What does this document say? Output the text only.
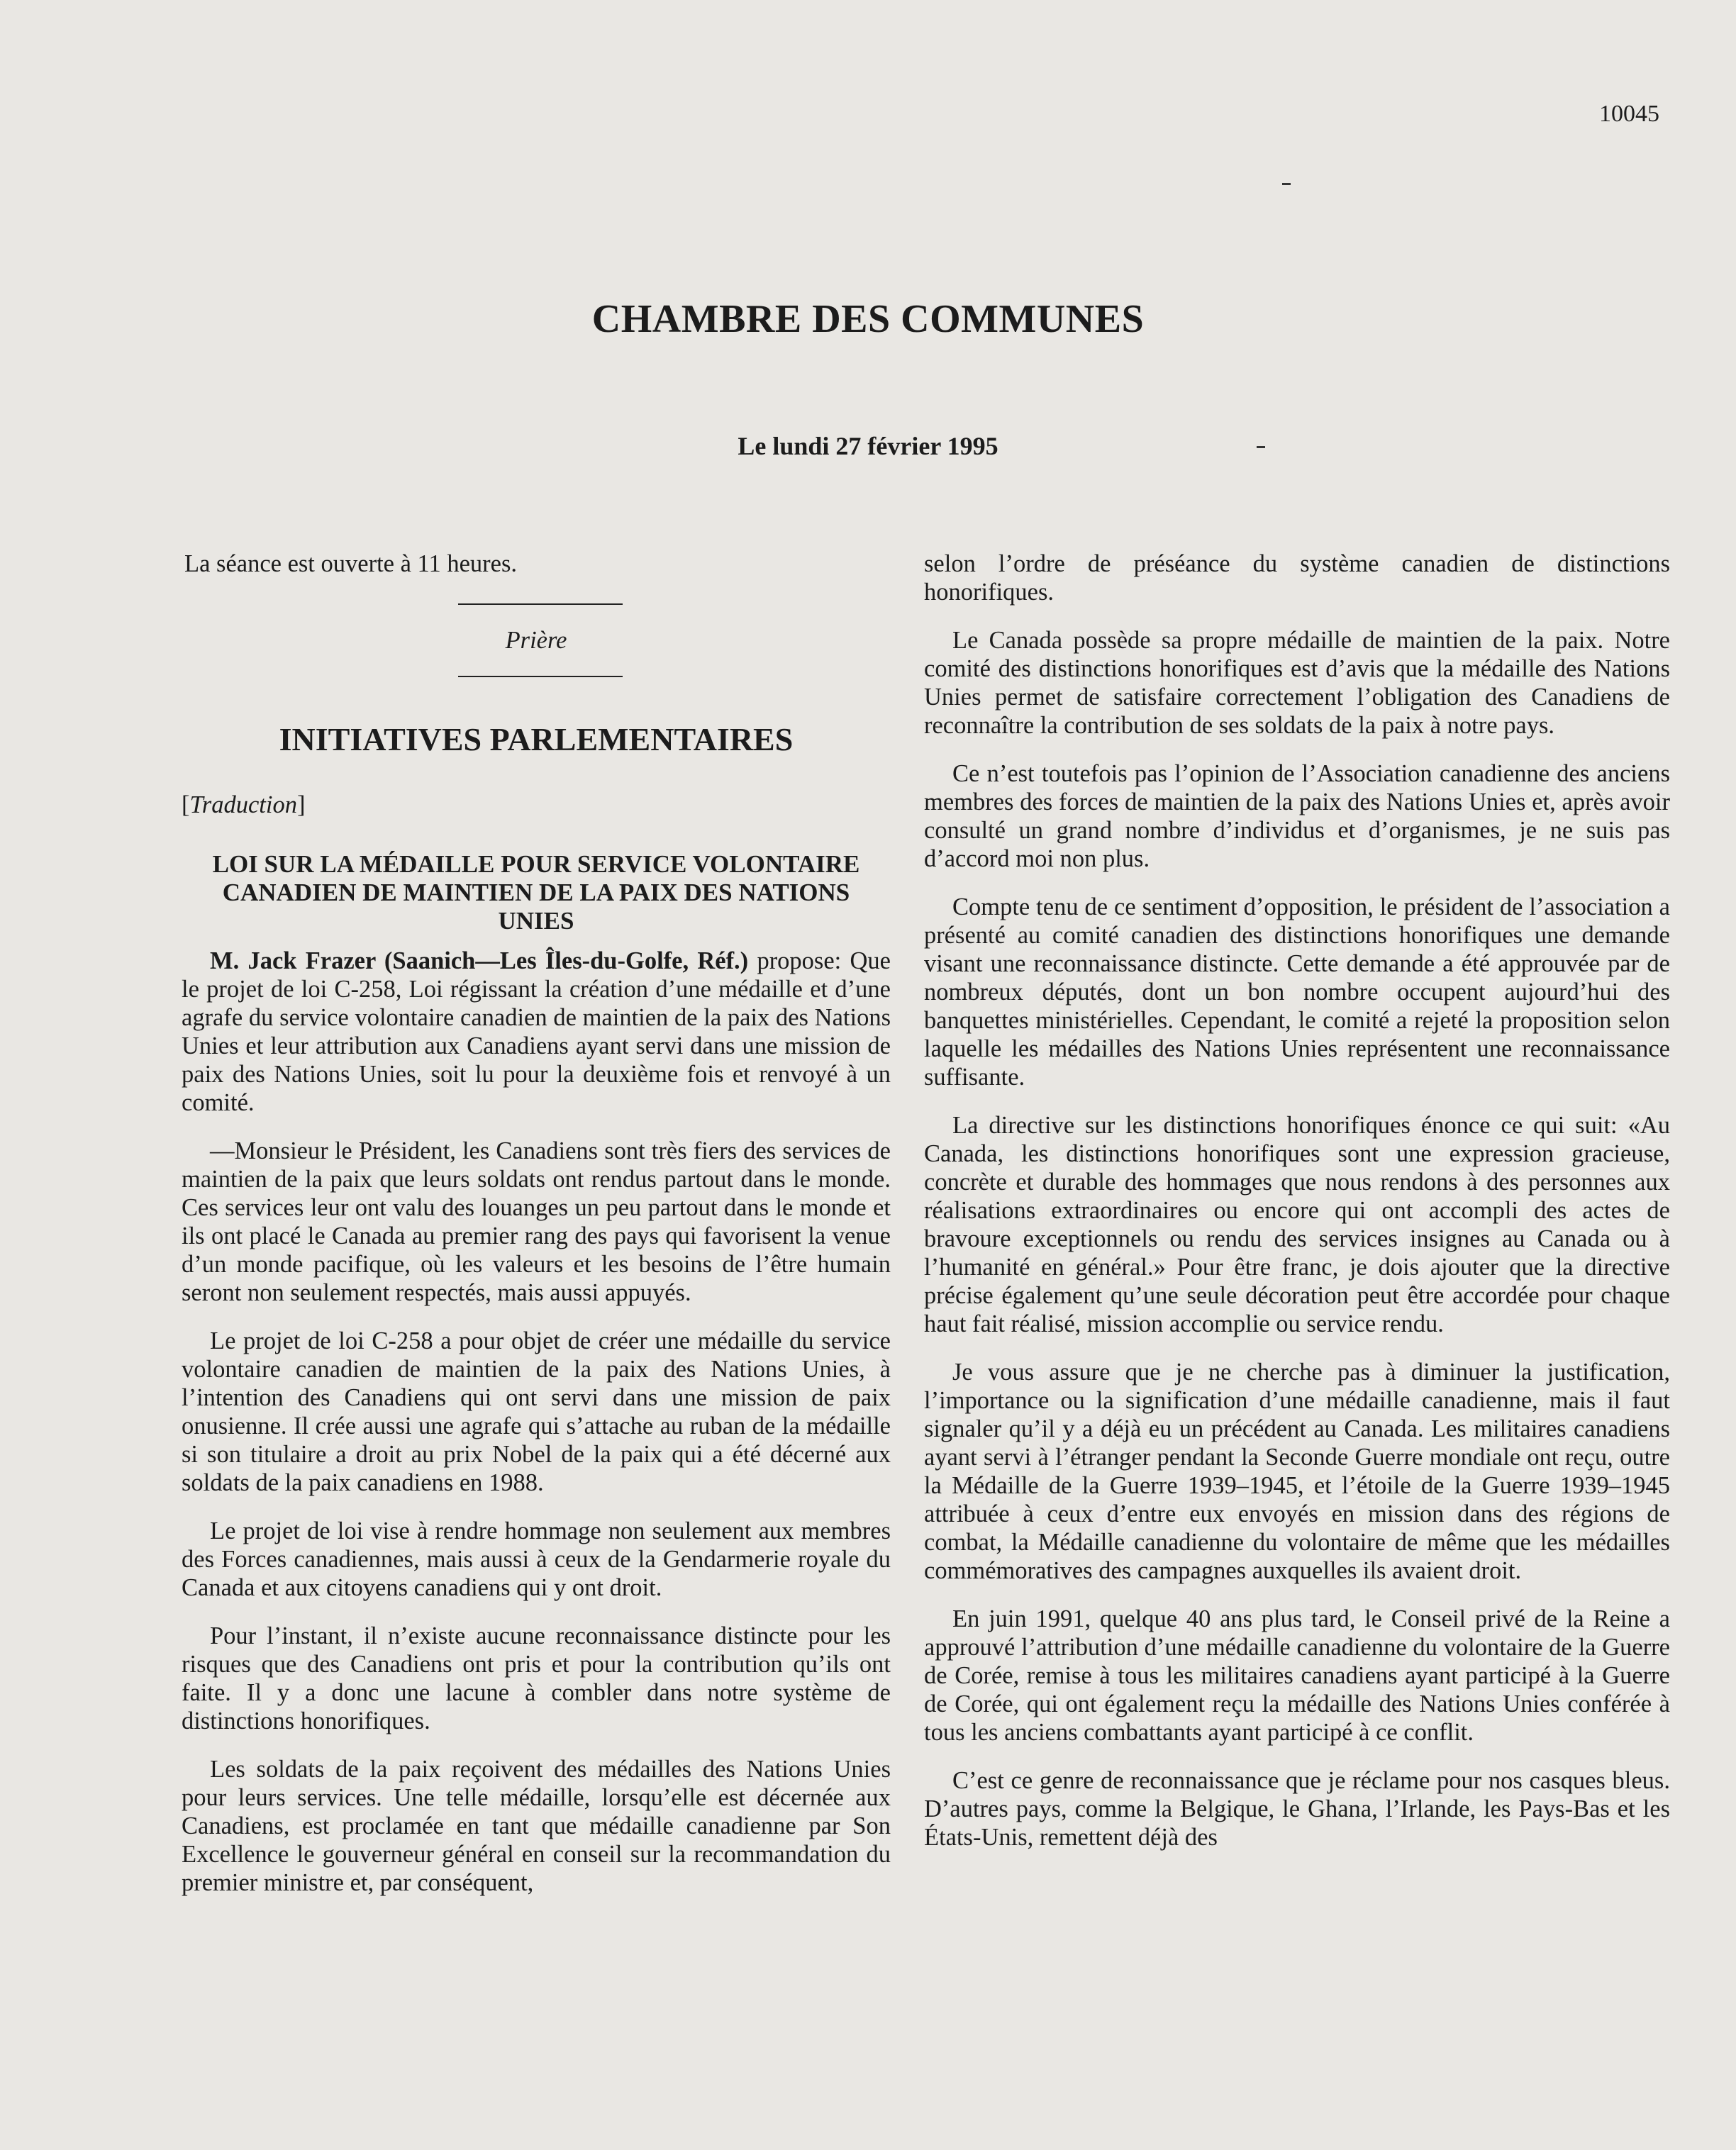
10045
CHAMBRE DES COMMUNES
Le lundi 27 février 1995

La séance est ouverte à 11 heures.

Prière
INITIATIVES PARLEMENTAIRES
[Traduction]
LOI SUR LA MÉDAILLE POUR SERVICE VOLONTAIRE CANADIEN DE MAINTIEN DE LA PAIX DES NATIONS UNIES

M. Jack Frazer (Saanich—Les Îles-du-Golfe, Réf.) propose: Que le projet de loi C-258, Loi régissant la création d’une médaille et d’une agrafe du service volontaire canadien de maintien de la paix des Nations Unies et leur attribution aux Canadiens ayant servi dans une mission de paix des Nations Unies, soit lu pour la deuxième fois et renvoyé à un comité.

—Monsieur le Président, les Canadiens sont très fiers des services de maintien de la paix que leurs soldats ont rendus partout dans le monde. Ces services leur ont valu des louanges un peu partout dans le monde et ils ont placé le Canada au premier rang des pays qui favorisent la venue d’un monde pacifique, où les valeurs et les besoins de l’être humain seront non seulement respectés, mais aussi appuyés.

Le projet de loi C-258 a pour objet de créer une médaille du service volontaire canadien de maintien de la paix des Nations Unies, à l’intention des Canadiens qui ont servi dans une mission de paix onusienne. Il crée aussi une agrafe qui s’attache au ruban de la médaille si son titulaire a droit au prix Nobel de la paix qui a été décerné aux soldats de la paix canadiens en 1988.

Le projet de loi vise à rendre hommage non seulement aux membres des Forces canadiennes, mais aussi à ceux de la Gendarmerie royale du Canada et aux citoyens canadiens qui y ont droit.

Pour l’instant, il n’existe aucune reconnaissance distincte pour les risques que des Canadiens ont pris et pour la contribution qu’ils ont faite. Il y a donc une lacune à combler dans notre système de distinctions honorifiques.

Les soldats de la paix reçoivent des médailles des Nations Unies pour leurs services. Une telle médaille, lorsqu’elle est décernée aux Canadiens, est proclamée en tant que médaille canadienne par Son Excellence le gouverneur général en conseil sur la recommandation du premier ministre et, par conséquent,

selon l’ordre de préséance du système canadien de distinctions honorifiques.

Le Canada possède sa propre médaille de maintien de la paix. Notre comité des distinctions honorifiques est d’avis que la médaille des Nations Unies permet de satisfaire correctement l’obligation des Canadiens de reconnaître la contribution de ses soldats de la paix à notre pays.

Ce n’est toutefois pas l’opinion de l’Association canadienne des anciens membres des forces de maintien de la paix des Nations Unies et, après avoir consulté un grand nombre d’individus et d’organismes, je ne suis pas d’accord moi non plus.

Compte tenu de ce sentiment d’opposition, le président de l’association a présenté au comité canadien des distinctions honorifiques une demande visant une reconnaissance distincte. Cette demande a été approuvée par de nombreux députés, dont un bon nombre occupent aujourd’hui des banquettes ministérielles. Cependant, le comité a rejeté la proposition selon laquelle les médailles des Nations Unies représentent une reconnaissance suffisante.

La directive sur les distinctions honorifiques énonce ce qui suit: «Au Canada, les distinctions honorifiques sont une expression gracieuse, concrète et durable des hommages que nous rendons à des personnes aux réalisations extraordinaires ou encore qui ont accompli des actes de bravoure exceptionnels ou rendu des services insignes au Canada ou à l’humanité en général.» Pour être franc, je dois ajouter que la directive précise également qu’une seule décoration peut être accordée pour chaque haut fait réalisé, mission accomplie ou service rendu.

Je vous assure que je ne cherche pas à diminuer la justification, l’importance ou la signification d’une médaille canadienne, mais il faut signaler qu’il y a déjà eu un précédent au Canada. Les militaires canadiens ayant servi à l’étranger pendant la Seconde Guerre mondiale ont reçu, outre la Médaille de la Guerre 1939–1945, et l’étoile de la Guerre 1939–1945 attribuée à ceux d’entre eux envoyés en mission dans des régions de combat, la Médaille canadienne du volontaire de même que les médailles commémoratives des campagnes auxquelles ils avaient droit.

En juin 1991, quelque 40 ans plus tard, le Conseil privé de la Reine a approuvé l’attribution d’une médaille canadienne du volontaire de la Guerre de Corée, remise à tous les militaires canadiens ayant participé à la Guerre de Corée, qui ont également reçu la médaille des Nations Unies conférée à tous les anciens combattants ayant participé à ce conflit.

C’est ce genre de reconnaissance que je réclame pour nos casques bleus. D’autres pays, comme la Belgique, le Ghana, l’Irlande, les Pays-Bas et les États-Unis, remettent déjà des
